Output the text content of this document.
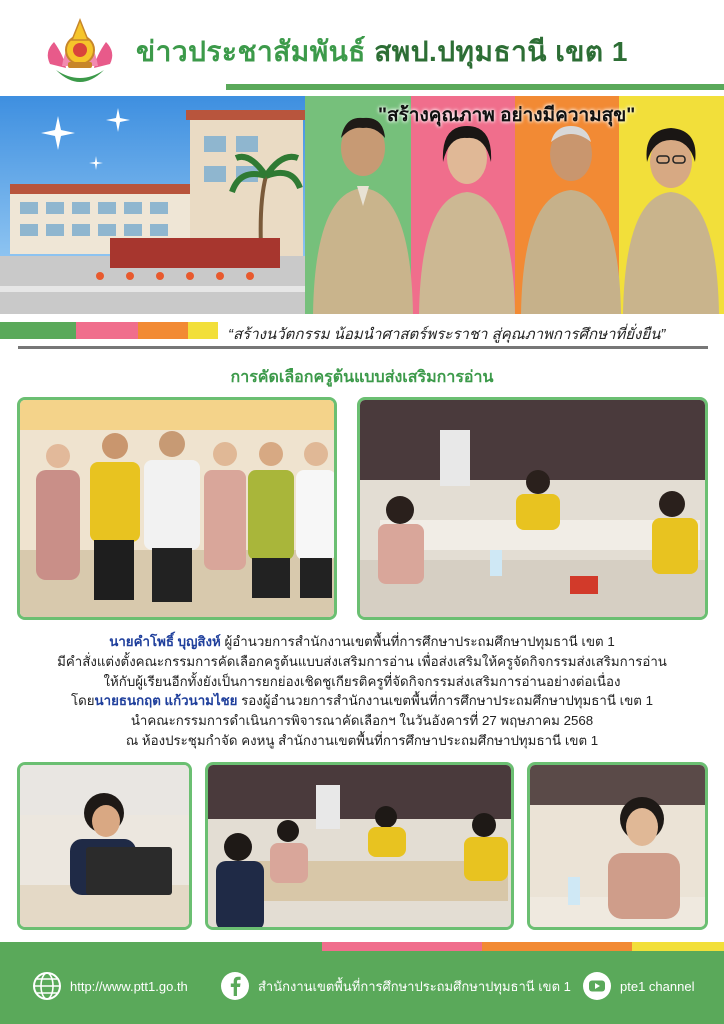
ข่าวประชาสัมพันธ์ สพป.ปทุมธานี เขต 1
"สร้างคุณภาพ อย่างมีความสุข"
“สร้างนวัตกรรม น้อมนำศาสตร์พระราชา สู่คุณภาพการศึกษาที่ยั่งยืน”
การคัดเลือกครูต้นแบบส่งเสริมการอ่าน
นายคำโพธิ์ บุญสิงห์ ผู้อำนวยการสำนักงานเขตพื้นที่การศึกษาประถมศึกษาปทุมธานี เขต 1
มีคำสั่งแต่งตั้งคณะกรรมการคัดเลือกครูต้นแบบส่งเสริมการอ่าน เพื่อส่งเสริมให้ครูจัดกิจกรรมส่งเสริมการอ่าน
ให้กับผู้เรียนอีกทั้งยังเป็นการยกย่องเชิดชูเกียรติครูที่จัดกิจกรรมส่งเสริมการอ่านอย่างต่อเนื่อง
โดยนายธนกฤต แก้วนามไชย รองผู้อำนวยการสำนักงานเขตพื้นที่การศึกษาประถมศึกษาปทุมธานี เขต 1
นำคณะกรรมการดำเนินการพิจารณาคัดเลือกฯ ในวันอังคารที่ 27 พฤษภาคม 2568
ณ ห้องประชุมกำจัด คงหนู สำนักงานเขตพื้นที่การศึกษาประถมศึกษาปทุมธานี เขต 1
http://www.ptt1.go.th	สำนักงานเขตพื้นที่การศึกษาประถมศึกษาปทุมธานี เขต 1	pte1 channel
